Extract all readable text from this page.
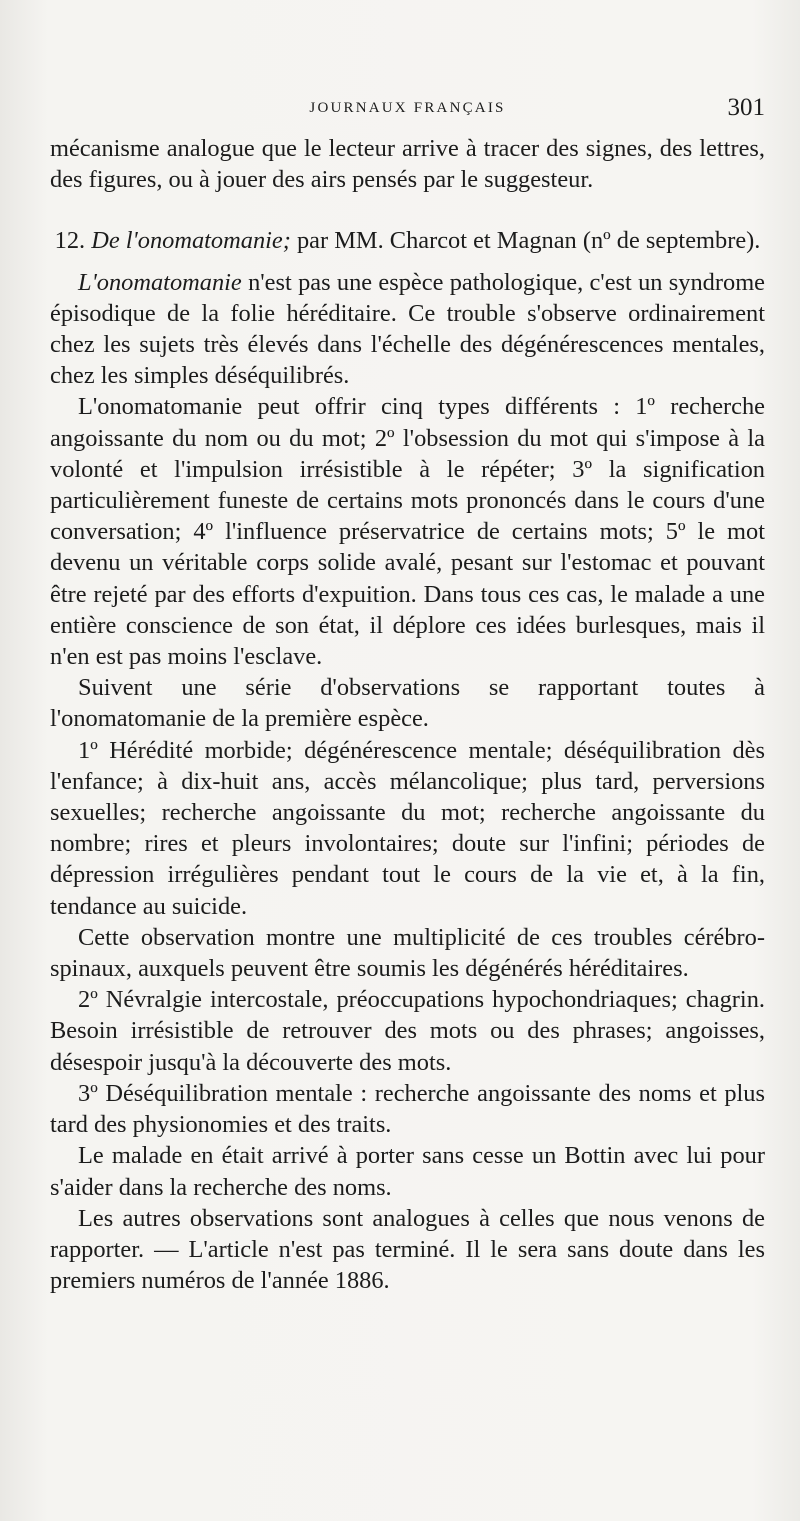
JOURNAUX FRANÇAIS	301

mécanisme analogue que le lecteur arrive à tracer des signes, des lettres, des figures, ou à jouer des airs pensés par le suggesteur.

12. De l'onomatomanie; par MM. Charcot et Magnan (nº de septembre).

L'onomatomanie n'est pas une espèce pathologique, c'est un syndrome épisodique de la folie héréditaire. Ce trouble s'observe ordinairement chez les sujets très élevés dans l'échelle des dégénérescences mentales, chez les simples déséquilibrés.

L'onomatomanie peut offrir cinq types différents : 1º recherche angoissante du nom ou du mot; 2º l'obsession du mot qui s'impose à la volonté et l'impulsion irrésistible à le répéter; 3º la signification particulièrement funeste de certains mots prononcés dans le cours d'une conversation; 4º l'influence préservatrice de certains mots; 5º le mot devenu un véritable corps solide avalé, pesant sur l'estomac et pouvant être rejeté par des efforts d'expuition. Dans tous ces cas, le malade a une entière conscience de son état, il déplore ces idées burlesques, mais il n'en est pas moins l'esclave.

Suivent une série d'observations se rapportant toutes à l'onomatomanie de la première espèce.

1º Hérédité morbide; dégénérescence mentale; déséquilibration dès l'enfance; à dix-huit ans, accès mélancolique; plus tard, perversions sexuelles; recherche angoissante du mot; recherche angoissante du nombre; rires et pleurs involontaires; doute sur l'infini; périodes de dépression irrégulières pendant tout le cours de la vie et, à la fin, tendance au suicide.

Cette observation montre une multiplicité de ces troubles cérébro-spinaux, auxquels peuvent être soumis les dégénérés héréditaires.

2º Névralgie intercostale, préoccupations hypochondriaques; chagrin. Besoin irrésistible de retrouver des mots ou des phrases; angoisses, désespoir jusqu'à la découverte des mots.

3º Déséquilibration mentale : recherche angoissante des noms et plus tard des physionomies et des traits.

Le malade en était arrivé à porter sans cesse un Bottin avec lui pour s'aider dans la recherche des noms.

Les autres observations sont analogues à celles que nous venons de rapporter. — L'article n'est pas terminé. Il le sera sans doute dans les premiers numéros de l'année 1886.
